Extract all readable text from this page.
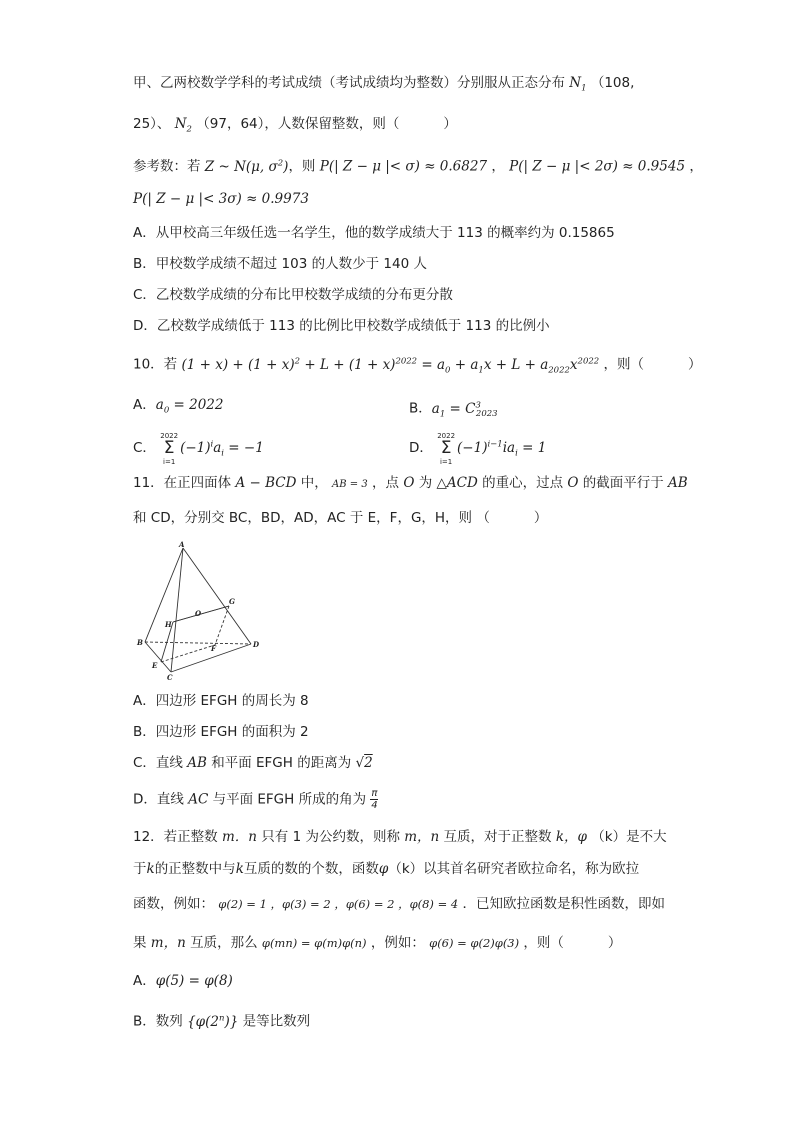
甲、乙两校数学学科的考试成绩（考试成绩均为整数）分别服从正态分布 $N_1$ （108,
25）、 $N_2$ （97，64），人数保留整数，则（	）
参考数：若 Z ~ N(μ, $\sigma^2$)，则 P(| Z − μ |< σ) ≈ 0.6827 ， P(| Z − μ |< 2σ) ≈ 0.9545 ，
P(| Z − μ |< 3σ) ≈ 0.9973
A．从甲校高三年级任选一名学生，他的数学成绩大于 113 的概率约为 0.15865
B．甲校数学成绩不超过 103 的人数少于 140 人
C．乙校数学成绩的分布比甲校数学成绩的分布更分散
D．乙校数学成绩低于 113 的比例比甲校数学成绩低于 113 的比例小
10．若 $(1 + x) + (1 + x)^2 + L + (1 + x)^{2022} = a_0 + a_1x + L + a_{2022}x^{2022}$ ，则（	）
A．$a_0 = 2022$	B．$a_1 = C^3_{2023}$
C． 2022
Σ
$i=1(-1)^ia_i = -1$	D． 2022
Σ
$i=1(-1)^{i-1}ia_i = 1$
11．在正四面体 A − BCD 中， AB = 3 ，点 O 为 △ACD 的重心，过点 O 的截面平行于 AB
和 CD，分别交 BC，BD，AD，AC 于 E，F，G，H，则 （	）
A
B
C
D
E
F
G
H
O
A．四边形 EFGH 的周长为 8
B．四边形 EFGH 的面积为 2
C．直线 AB 和平面 EFGH 的距离为 √2
D．直线 AC 与平面 EFGH 所成的角为 $\frac{\pi}{4}$
12．若正整数 m．n 只有 1 为公约数，则称 m，n 互质，对于正整数 k，φ （k）是不大
于k的正整数中与k互质的数的个数，函数φ（k）以其首名研究者欧拉命名，称为欧拉
函数，例如： φ(2) = 1 ，φ(3) = 2 ，φ(6) = 2 ，φ(8) = 4 ．已知欧拉函数是积性函数，即如
果 m，n 互质，那么 φ(mn) = φ(m)φ(n) ，例如： φ(6) = φ(2)φ(3) ，则（	）
A．φ(5) = φ(8)
B．数列 {φ(2$^n$)} 是等比数列
